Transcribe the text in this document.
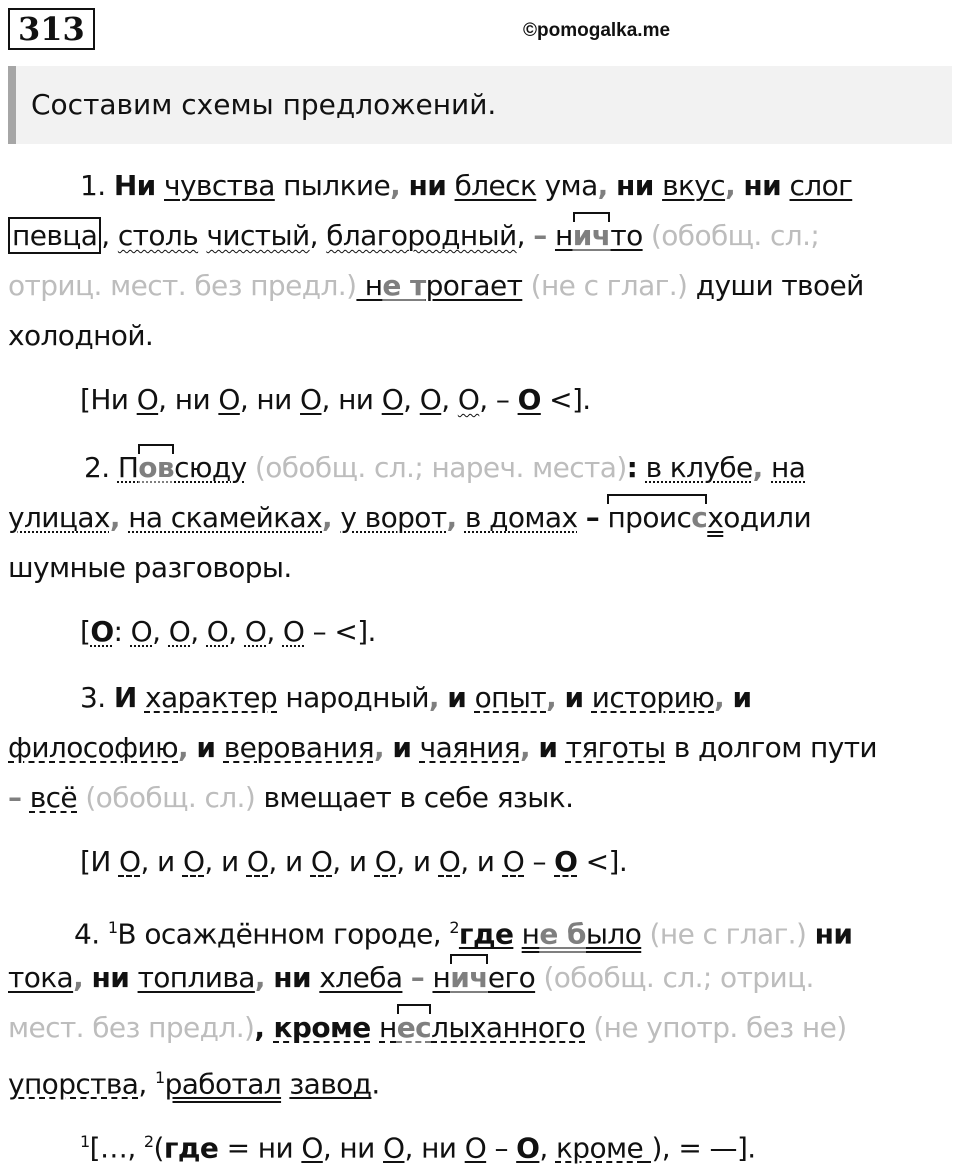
313	©pomogalka.me
Составим схемы предложений.
1. Ни чувства пылкие, ни блеск ума, ни вкус, ни слог
певца , столь чистый, благородный, – ничто (обобщ. сл.;
отриц. мест. без предл.) не трогает (не с глаг.) души твоей
холодной.
[Ни О, ни О, ни О, ни О, О, О, – О <].
2. Повсюду (обобщ. сл.; нареч. места): в клубе, на
улицах, на скамейках, у ворот, в домах – происсходили
шумные разговоры.
[О: О, О, О, О, О – <].
3. И характер народный, и опыт, и историю, и
философию, и верования, и чаяния, и тяготы в долгом пути
– всё (обобщ. сл.) вмещает в себе язык.
[И О, и О, и О, и О, и О, и О, и О – О <].
4. $^1$В осаждённом городе, $^2$где не было (не с глаг.) ни
тока, ни топлива, ни хлеба – ничего (обобщ. сл.; отриц.
мест. без предл.), кроме неслыханного (не употр. без не)
упорства, $^1$работал завод.
$^1$[…, $^2$(где = ни О, ни О, ни О – О, кроме ), = —].
